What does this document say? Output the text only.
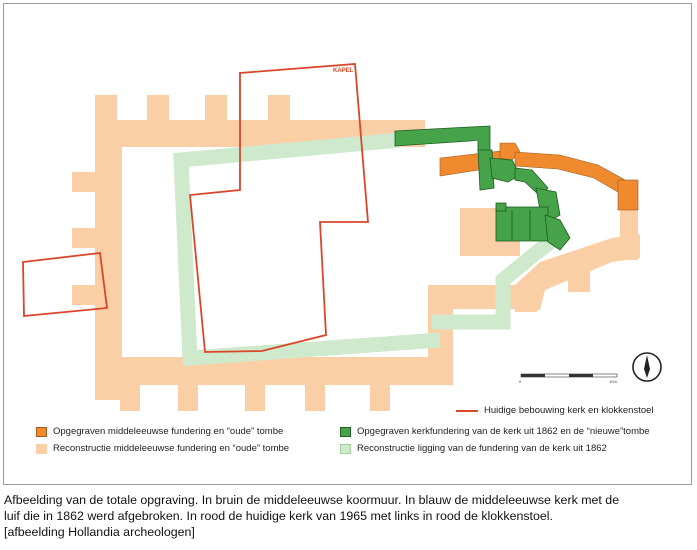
KAPEL
0	10m
Huidige bebouwing kerk en klokkenstoel
Opgegraven middeleeuwse fundering en “oude” tombe
Reconstructie middeleeuwse fundering en “oude” tombe
Opgegraven kerkfundering van de kerk uit 1862 en de “nieuwe”tombe
Reconstructie ligging van de fundering van de kerk uit 1862
Afbeelding van de totale opgraving. In bruin de middeleeuwse koormuur. In blauw de middeleeuwse kerk met de
luif die in 1862 werd afgebroken. In rood de huidige kerk van 1965 met links in rood de klokkenstoel.
[afbeelding Hollandia archeologen]
